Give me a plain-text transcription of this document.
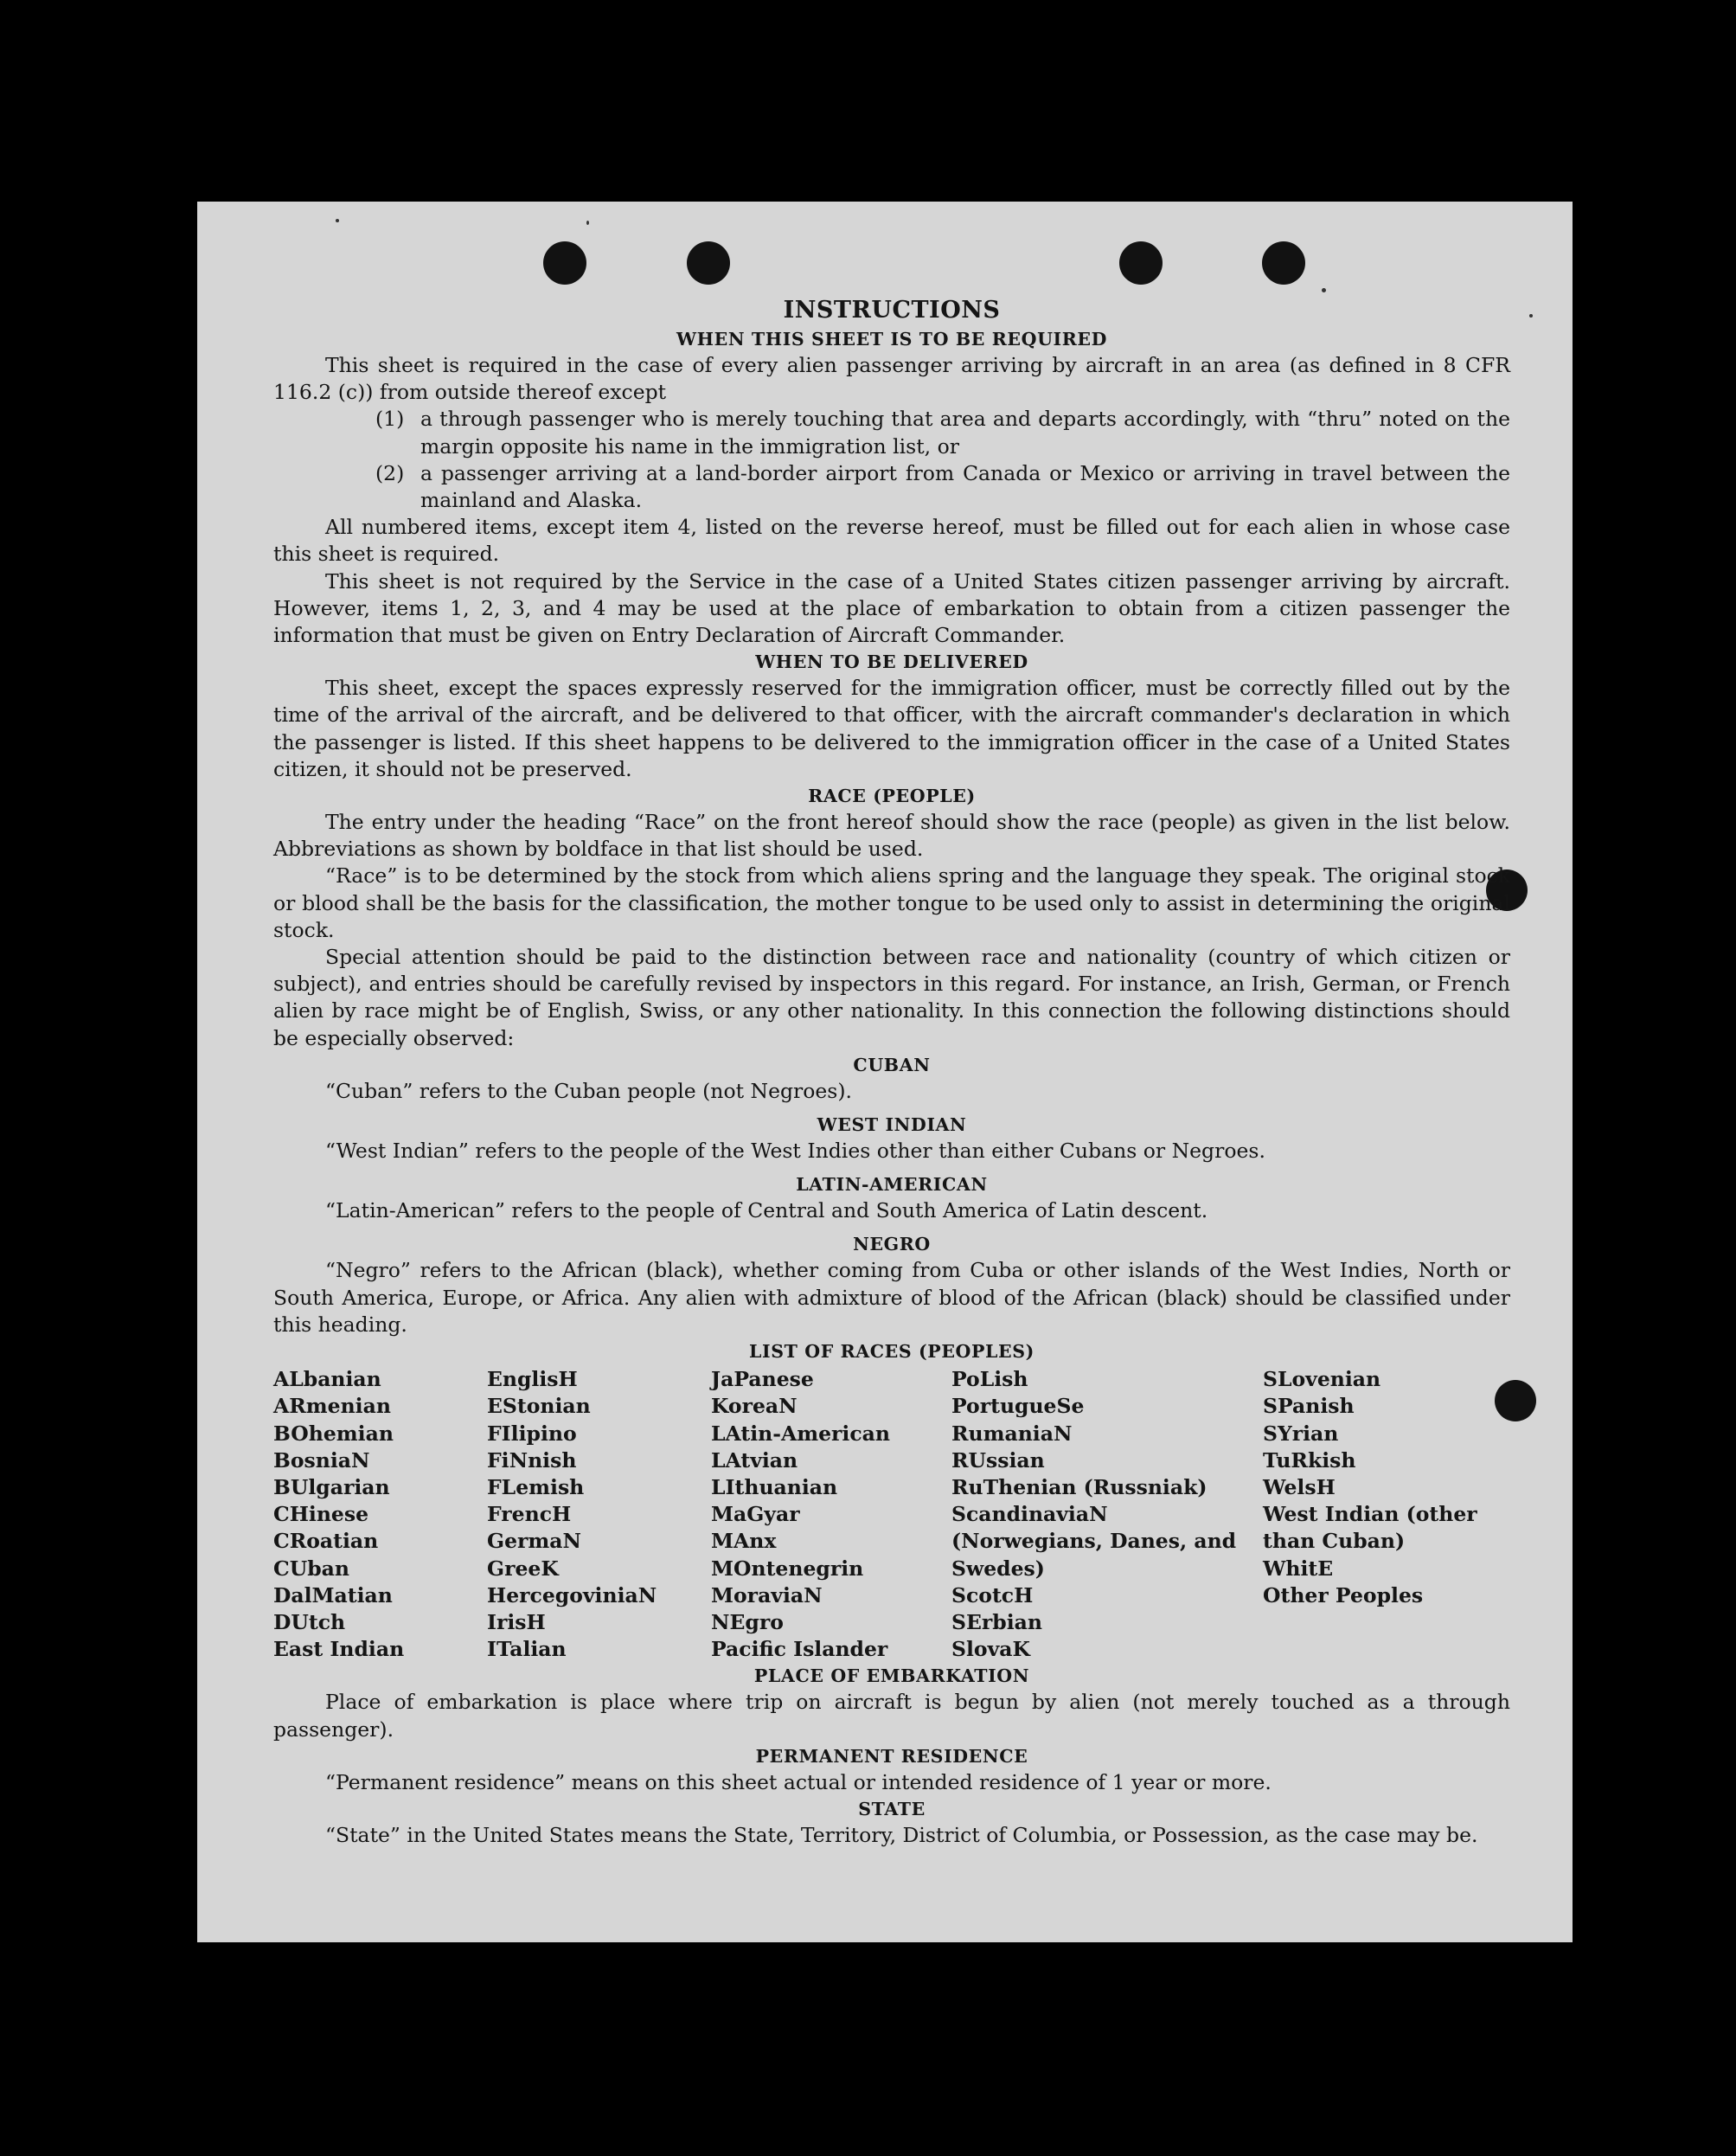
INSTRUCTIONS
WHEN THIS SHEET IS TO BE REQUIRED

This sheet is required in the case of every alien passenger arriving by aircraft in an area (as defined in 8 CFR 116.2 (c)) from outside thereof except

(1) a through passenger who is merely touching that area and departs accordingly, with “thru” noted on the margin opposite his name in the immigration list, or
(2) a passenger arriving at a land-border airport from Canada or Mexico or arriving in travel between the mainland and Alaska.

All numbered items, except item 4, listed on the reverse hereof, must be filled out for each alien in whose case this sheet is required.

This sheet is not required by the Service in the case of a United States citizen passenger arriving by aircraft. However, items 1, 2, 3, and 4 may be used at the place of embarkation to obtain from a citizen passenger the information that must be given on Entry Declaration of Aircraft Commander.

WHEN TO BE DELIVERED

This sheet, except the spaces expressly reserved for the immigration officer, must be correctly filled out by the time of the arrival of the aircraft, and be delivered to that officer, with the aircraft commander's declaration in which the passenger is listed. If this sheet happens to be delivered to the immigration officer in the case of a United States citizen, it should not be preserved.

RACE (PEOPLE)

The entry under the heading “Race” on the front hereof should show the race (people) as given in the list below. Abbreviations as shown by boldface in that list should be used.

“Race” is to be determined by the stock from which aliens spring and the language they speak. The original stock or blood shall be the basis for the classification, the mother tongue to be used only to assist in determining the original stock.

Special attention should be paid to the distinction between race and nationality (country of which citizen or subject), and entries should be carefully revised by inspectors in this regard. For instance, an Irish, German, or French alien by race might be of English, Swiss, or any other nationality. In this connection the following distinctions should be especially observed:

CUBAN

“Cuban” refers to the Cuban people (not Negroes).

WEST INDIAN

“West Indian” refers to the people of the West Indies other than either Cubans or Negroes.

LATIN-AMERICAN

“Latin-American” refers to the people of Central and South America of Latin descent.

NEGRO

“Negro” refers to the African (black), whether coming from Cuba or other islands of the West Indies, North or South America, Europe, or Africa. Any alien with admixture of blood of the African (black) should be classified under this heading.

LIST OF RACES (PEOPLES)
ALbanian
ARmenian
BOhemian
BosniaN
BUlgarian
CHinese
CRoatian
CUban
DalMatian
DUtch
East Indian
EnglisH
EStonian
FIlipino
FiNnish
FLemish
FrencH
GermaN
GreeK
HercegoviniaN
IrisH
ITalian
JaPanese
KoreaN
LAtin-American
LAtvian
LIthuanian
MaGyar
MAnx
MOntenegrin
MoraviaN
NEgro
Pacific Islander
PoLish
PortugueSe
RumaniaN
RUssian
RuThenian (Russniak)
ScandinaviaN (Norwegians, Danes, and Swedes)
ScotcH
SErbian
SlovaK
SLovenian
SPanish
SYrian
TuRkish
WelsH
West Indian (other than Cuban)
WhitE
Other Peoples
PLACE OF EMBARKATION

Place of embarkation is place where trip on aircraft is begun by alien (not merely touched as a through passenger).

PERMANENT RESIDENCE

“Permanent residence” means on this sheet actual or intended residence of 1 year or more.

STATE

“State” in the United States means the State, Territory, District of Columbia, or Possession, as the case may be.
